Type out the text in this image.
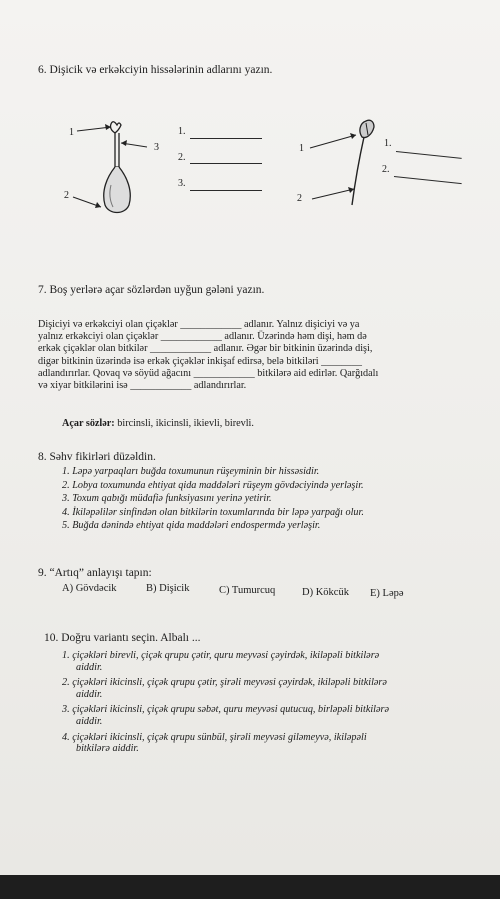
6. Dişicik və erkəkciyin hissələrinin adlarını yazın.
1
2
3
1.
2.
3.
1
2
1.
2.
7. Boş yerlərə açar sözlərdən uyğun gələni yazın.
Dişiciyi və erkəkciyi olan çiçəklər ____________ adlanır. Yalnız dişiciyi və ya
yalnız erkəkciyi olan çiçəklər ____________ adlanır. Üzərində həm dişi, həm də
erkək çiçəklər olan bitkilər ____________ adlanır. Əgər bir bitkinin üzərində dişi,
digər bitkinin üzərində isə erkək çiçəklər inkişaf edirsə, belə bitkiləri ________
adlandırırlar. Qovaq və söyüd ağacını ____________ bitkilərə aid edirlər. Qarğıdalı
və xiyar bitkilərini isə ____________ adlandırırlar.
Açar sözlər: bircinsli, ikicinsli, ikievli, birevli.
8. Səhv fikirləri düzəldin.
1. Ləpə yarpaqları buğda toxumunun rüşeyminin bir hissəsidir.
2. Lobya toxumunda ehtiyat qida maddələri rüşeym gövdəciyində yerləşir.
3. Toxum qabığı müdafiə funksiyasını yerinə yetirir.
4. İkiləpəlilər sinfindən olan bitkilərin toxumlarında bir ləpə yarpağı olur.
5. Buğda dənində ehtiyat qida maddələri endospermdə yerləşir.
9. “Artıq” anlayışı tapın:
A) Gövdəcik	B) Dişicik	C) Tumurcuq	D) Kökcük E) Ləpə
10. Doğru variantı seçin. Albalı ...
1. çiçəkləri birevli, çiçək qrupu çətir, quru meyvəsi çəyirdək, ikiləpəli bitkilərə
aiddir.
2. çiçəkləri ikicinsli, çiçək qrupu çətir, şirəli meyvəsi çəyirdək, ikiləpəli bitkilərə
aiddir.
3. çiçəkləri ikicinsli, çiçək qrupu səbət, quru meyvəsi qutucuq, birləpəli bitkilərə
aiddir.
4. çiçəkləri ikicinsli, çiçək qrupu sünbül, şirəli meyvəsi giləmeyvə, ikiləpəli
bitkilərə aiddir.
